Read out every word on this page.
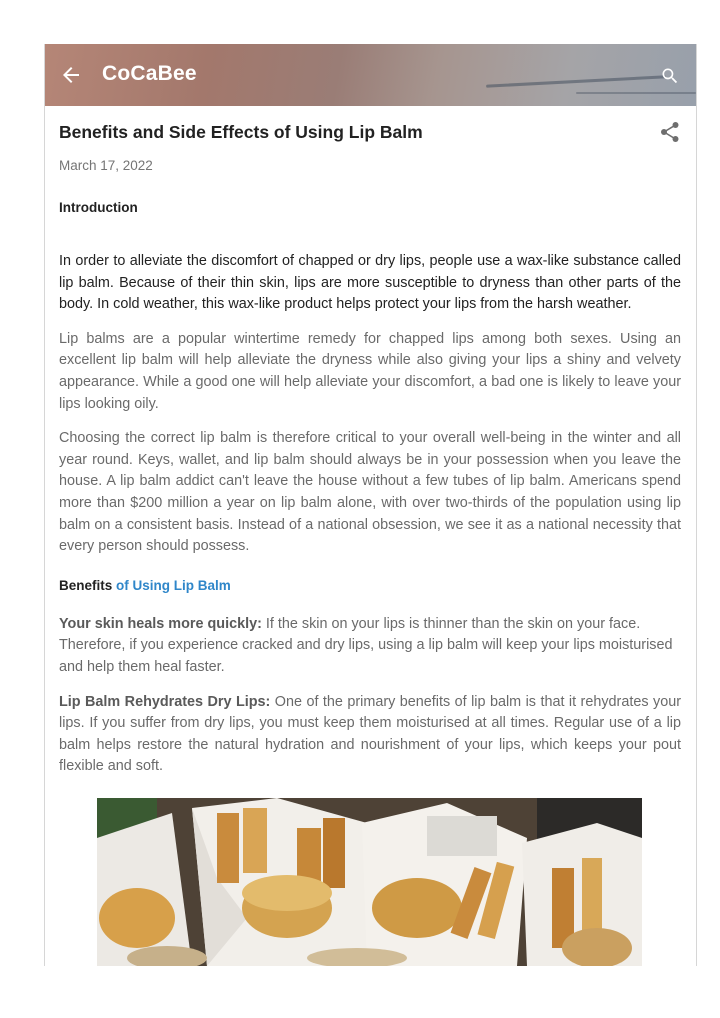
CoCaBee
Benefits and Side Effects of Using Lip Balm
March 17, 2022
Introduction

In order to alleviate the discomfort of chapped or dry lips, people use a wax-like substance called lip balm. Because of their thin skin, lips are more susceptible to dryness than other parts of the body. In cold weather, this wax-like product helps protect your lips from the harsh weather.

Lip balms are a popular wintertime remedy for chapped lips among both sexes. Using an excellent lip balm will help alleviate the dryness while also giving your lips a shiny and velvety appearance. While a good one will help alleviate your discomfort, a bad one is likely to leave your lips looking oily.

Choosing the correct lip balm is therefore critical to your overall well-being in the winter and all year round. Keys, wallet, and lip balm should always be in your possession when you leave the house. A lip balm addict can't leave the house without a few tubes of lip balm. Americans spend more than $200 million a year on lip balm alone, with over two-thirds of the population using lip balm on a consistent basis. Instead of a national obsession, we see it as a national necessity that every person should possess.

Benefits of Using Lip Balm

Your skin heals more quickly: If the skin on your lips is thinner than the skin on your face. Therefore, if you experience cracked and dry lips, using a lip balm will keep your lips moisturised and help them heal faster.

Lip Balm Rehydrates Dry Lips: One of the primary benefits of lip balm is that it rehydrates your lips. If you suffer from dry lips, you must keep them moisturised at all times. Regular use of a lip balm helps restore the natural hydration and nourishment of your lips, which keeps your pout flexible and soft.
